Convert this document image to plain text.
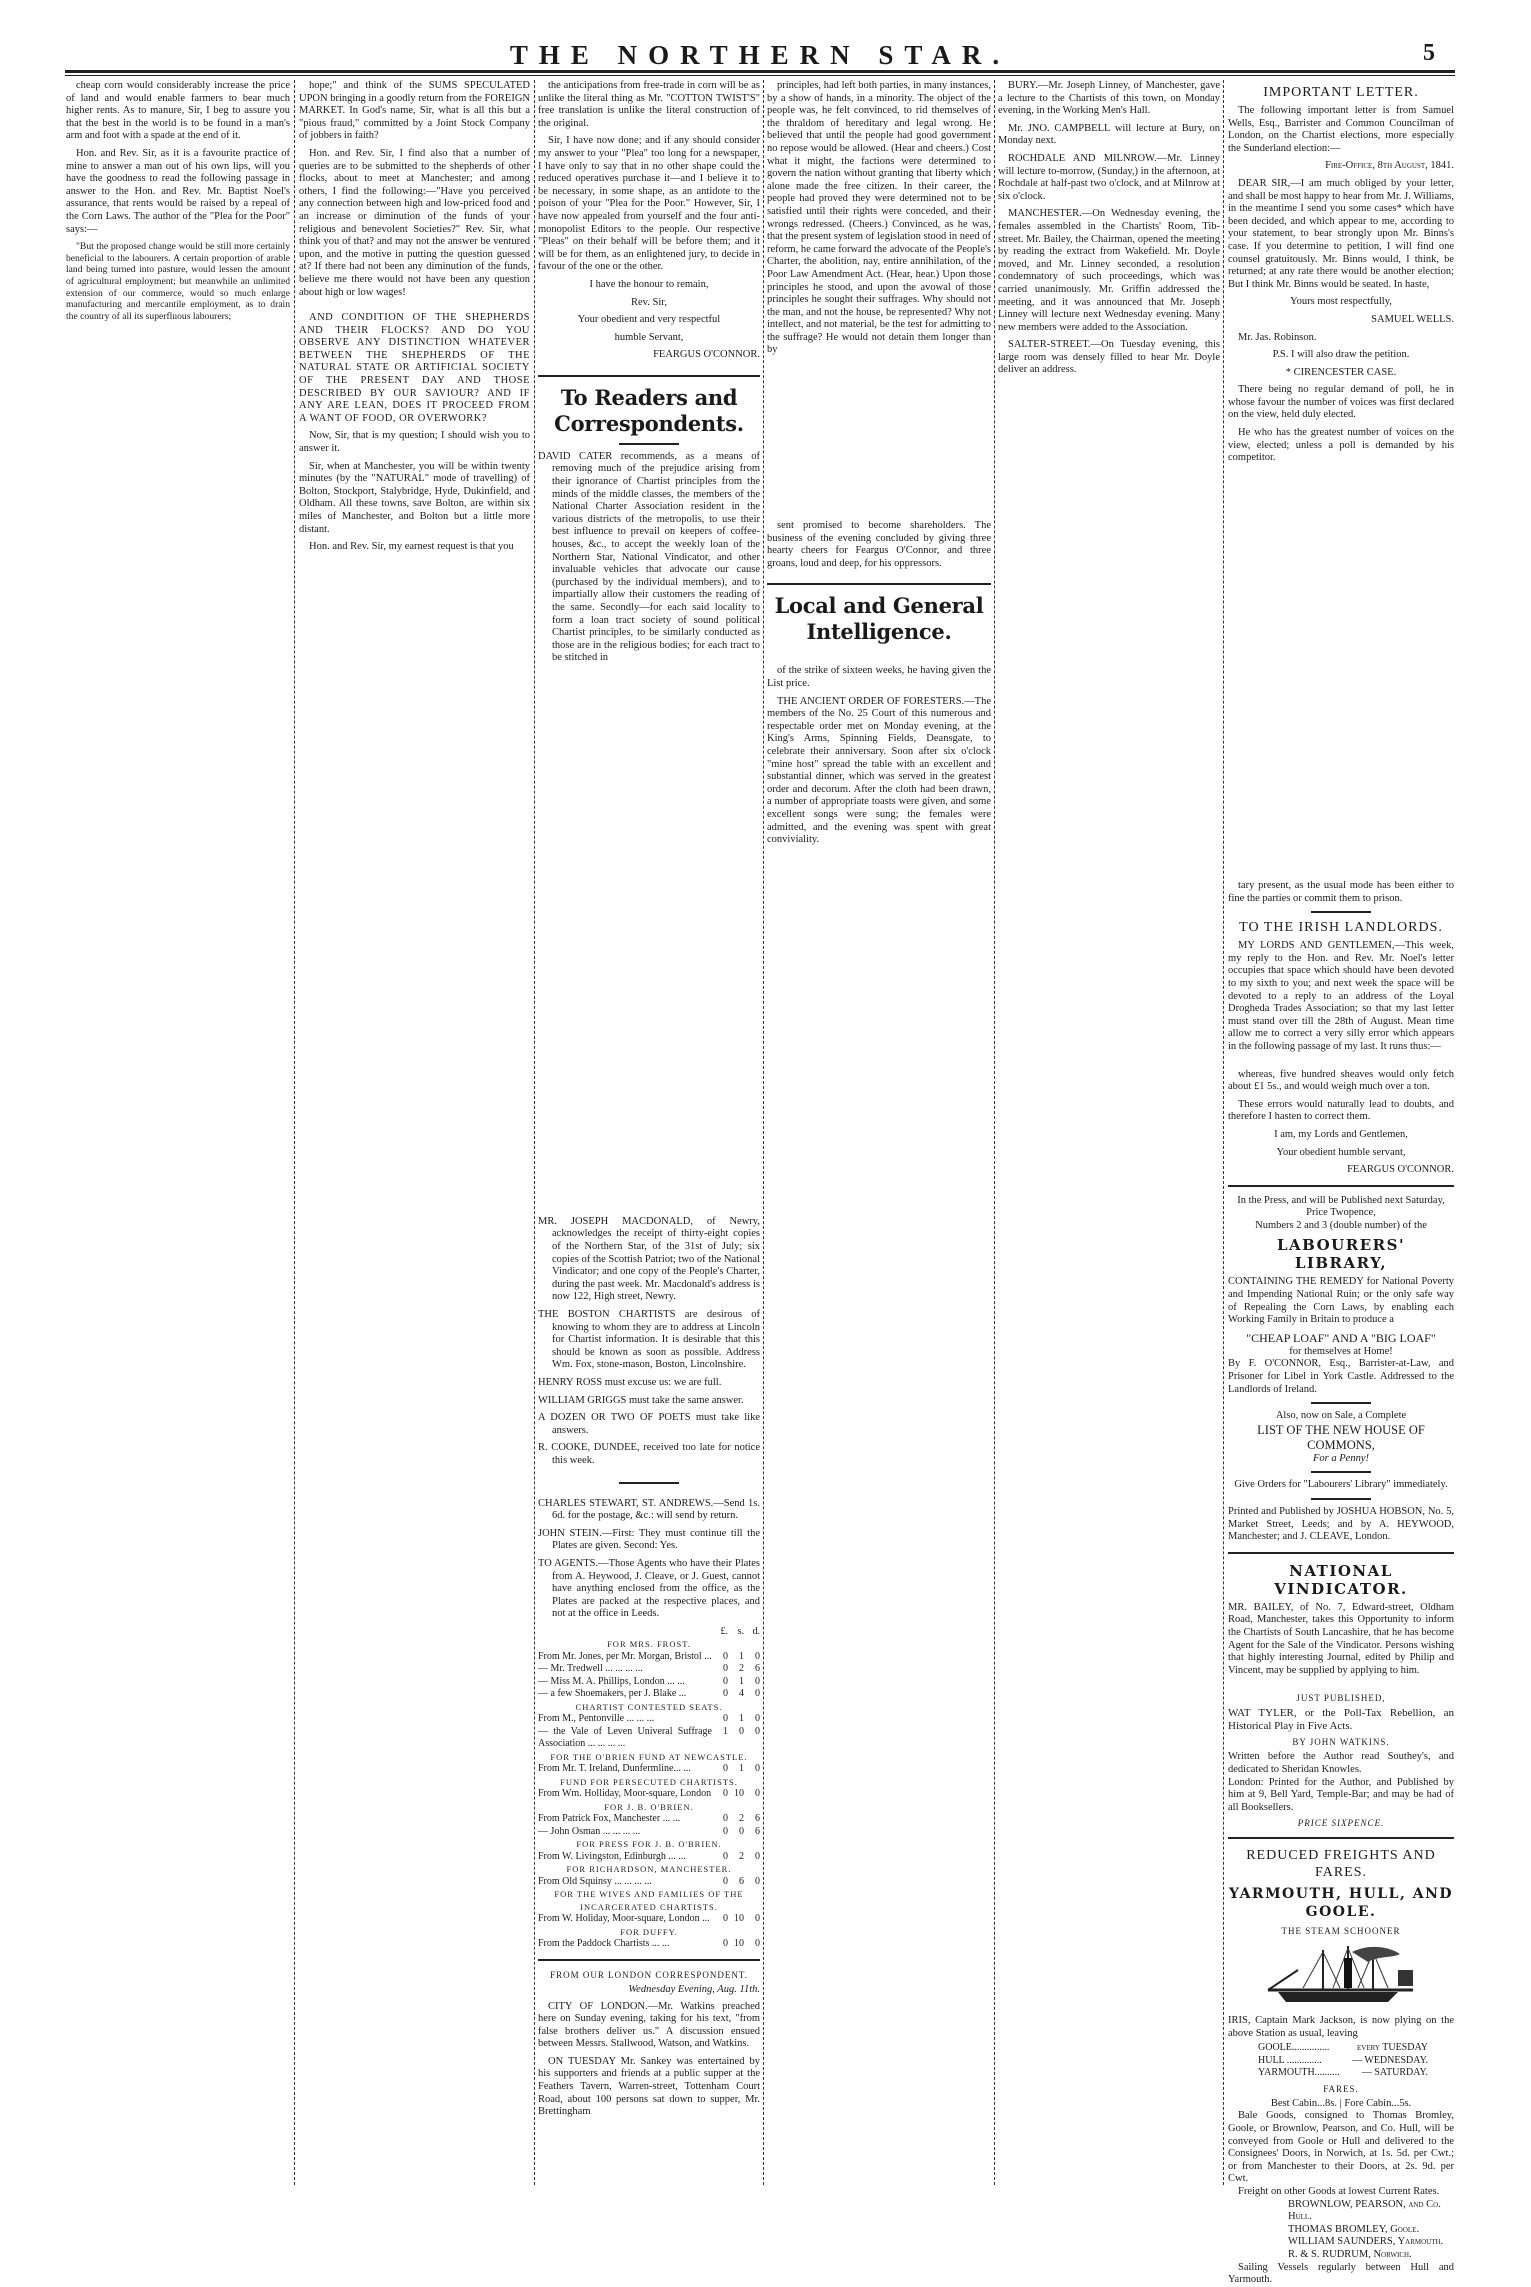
THE NORTHERN STAR.	5

cheap corn would considerably increase the price of land and would enable farmers to bear much higher rents. As to manure, Sir, I beg to assure you that the best in the world is to be found in a man's arm and foot with a spade at the end of it.

Hon. and Rev. Sir, as it is a favourite practice of mine to answer a man out of his own lips, will you have the goodness to read the following passage in answer to the Hon. and Rev. Mr. Baptist Noel's assurance, that rents would be raised by a repeal of the Corn Laws. The author of the "Plea for the Poor" says:—

"But the proposed change would be still more certainly beneficial to the labourers. A certain proportion of arable land being turned into pasture, would lessen the amount of agricultural employment; but meanwhile an unlimited extension of our commerce, would so much enlarge manufacturing and mercantile employment, as to drain the country of all its superfluous labourers;

hope;" and think of the SUMS SPECULATED UPON bringing in a goodly return from the FOREIGN MARKET. In God's name, Sir, what is all this but a "pious fraud," committed by a Joint Stock Company of jobbers in faith?

Hon. and Rev. Sir, I find also that a number of queries are to be submitted to the shepherds of other flocks, about to meet at Manchester; and among others, I find the following:—"Have you perceived any connection between high and low-priced food and an increase or diminution of the funds of your religious and benevolent Societies?" Rev. Sir, what think you of that? and may not the answer be ventured upon, and the motive in putting the question guessed at? If there had not been any diminution of the funds, believe me there would not have been any question about high or low wages!

AND CONDITION OF THE SHEPHERDS AND THEIR FLOCKS? AND DO YOU OBSERVE ANY DISTINCTION WHATEVER BETWEEN THE SHEPHERDS OF THE NATURAL STATE OR ARTIFICIAL SOCIETY OF THE PRESENT DAY AND THOSE DESCRIBED BY OUR SAVIOUR? AND IF ANY ARE LEAN, DOES IT PROCEED FROM A WANT OF FOOD, OR OVERWORK?

Now, Sir, that is my question; I should wish you to answer it.

Sir, when at Manchester, you will be within twenty minutes (by the "NATURAL" mode of travelling) of Bolton, Stockport, Stalybridge, Hyde, Dukinfield, and Oldham. All these towns, save Bolton, are within six miles of Manchester, and Bolton but a little more distant.

Hon. and Rev. Sir, my earnest request is that you

the anticipations from free-trade in corn will be as unlike the literal thing as Mr. "COTTON TWIST'S" free translation is unlike the literal construction of the original.

Sir, I have now done; and if any should consider my answer to your "Plea" too long for a newspaper, I have only to say that in no other shape could the reduced operatives purchase it—and I believe it to be necessary, in some shape, as an antidote to the poison of your "Plea for the Poor." However, Sir, I have now appealed from yourself and the four anti-monopolist Editors to the people. Our respective "Pleas" on their behalf will be before them; and it will be for them, as an enlightened jury, to decide in favour of the one or the other.

I have the honour to remain,

Rev. Sir,

Your obedient and very respectful

humble Servant,

FEARGUS O'CONNOR.

To Readers and Correspondents.

DAVID CATER recommends, as a means of removing much of the prejudice arising from their ignorance of Chartist principles from the minds of the middle classes, the members of the National Charter Association resident in the various districts of the metropolis, to use their best influence to prevail on keepers of coffee-houses, &c., to accept the weekly loan of the Northern Star, National Vindicator, and other invaluable vehicles that advocate our cause (purchased by the individual members), and to impartially allow their customers the reading of the same. Secondly—for each said locality to form a loan tract society of sound political Chartist principles, to be similarly conducted as those are in the religious bodies; for each tract to be stitched in

MR. JOSEPH MACDONALD, of Newry, acknowledges the receipt of thirty-eight copies of the Northern Star, of the 31st of July; six copies of the Scottish Patriot; two of the National Vindicator; and one copy of the People's Charter, during the past week. Mr. Macdonald's address is now 122, High street, Newry.

THE BOSTON CHARTISTS are desirous of knowing to whom they are to address at Lincoln for Chartist information. It is desirable that this should be known as soon as possible. Address Wm. Fox, stone-mason, Boston, Lincolnshire.

HENRY ROSS must excuse us: we are full.

WILLIAM GRIGGS must take the same answer.

A DOZEN OR TWO OF POETS must take like answers.

R. COOKE, DUNDEE, received too late for notice this week.

CHARLES STEWART, ST. ANDREWS.—Send 1s. 6d. for the postage, &c.: will send by return.

JOHN STEIN.—First: They must continue till the Plates are given. Second: Yes.

TO AGENTS.—Those Agents who have their Plates from A. Heywood, J. Cleave, or J. Guest, cannot have anything enclosed from the office, as the Plates are packed at the respective places, and not at the office in Leeds.

	£.	s.	d.
FOR MRS. FROST.			
From Mr. Jones, per Mr. Morgan, Bristol ...	0	1	0
— Mr. Tredwell ... ... ... ...	0	2	6
— Miss M. A. Phillips, London ... ...	0	1	0
— a few Shoemakers, per J. Blake ...	0	4	0
CHARTIST CONTESTED SEATS.			
From M., Pentonville ... ... ...	0	1	0
— the Vale of Leven Univeral Suffrage Association ... ... ... ...	1	0	0
FOR THE O'BRIEN FUND AT NEWCASTLE.			
From Mr. T. Ireland, Dunfermline... ...	0	1	0
FUND FOR PERSECUTED CHARTISTS.			
From Wm. Holliday, Moor-square, London	0	10	0
FOR J. B. O'BRIEN.			
From Patrick Fox, Manchester ... ...	0	2	6
— John Osman ... ... ... ...	0	0	6
FOR PRESS FOR J. B. O'BRIEN.			
From W. Livingston, Edinburgh ... ...	0	2	0
FOR RICHARDSON, MANCHESTER.			
From Old Squinsy ... ... ... ...	0	6	0
FOR THE WIVES AND FAMILIES OF THE INCARCERATED CHARTISTS.			
From W. Holiday, Moor-square, London ...	0	10	0
FOR DUFFY.			
From the Paddock Chartists ... ...	0	10	0
FROM OUR LONDON CORRESPONDENT.

Wednesday Evening, Aug. 11th.

CITY OF LONDON.—Mr. Watkins preached here on Sunday evening, taking for his text, "from false brothers deliver us." A discussion ensued between Messrs. Stallwood, Watson, and Watkins.

ON TUESDAY Mr. Sankey was entertained by his supporters and friends at a public supper at the Feathers Tavern, Warren-street, Tottenham Court Road, about 100 persons sat down to supper, Mr. Brettingham

principles, had left both parties, in many instances, by a show of hands, in a minority. The object of the people was, he felt convinced, to rid themselves of the thraldom of hereditary and legal wrong. He believed that until the people had good government no repose would be allowed. (Hear and cheers.) Cost what it might, the factions were determined to govern the nation without granting that liberty which alone made the free citizen. In their career, the people had proved they were determined not to be satisfied until their rights were conceded, and their wrongs redressed. (Cheers.) Convinced, as he was, that the present system of legislation stood in need of reform, he came forward the advocate of the People's Charter, the abolition, nay, entire annihilation, of the Poor Law Amendment Act. (Hear, hear.) Upon those principles he stood, and upon the avowal of those principles he sought their suffrages. Why should not the man, and not the house, be represented? Why not intellect, and not material, be the test for admitting to the suffrage? He would not detain them longer than by

sent promised to become shareholders. The business of the evening concluded by giving three hearty cheers for Feargus O'Connor, and three groans, loud and deep, for his oppressors.

Local and General Intelligence.

of the strike of sixteen weeks, he having given the List price.

THE ANCIENT ORDER OF FORESTERS.—The members of the No. 25 Court of this numerous and respectable order met on Monday evening, at the King's Arms, Spinning Fields, Deansgate, to celebrate their anniversary. Soon after six o'clock "mine host" spread the table with an excellent and substantial dinner, which was served in the greatest order and decorum. After the cloth had been drawn, a number of appropriate toasts were given, and some excellent songs were sung; the females were admitted, and the evening was spent with great conviviality.

BURY.—Mr. Joseph Linney, of Manchester, gave a lecture to the Chartists of this town, on Monday evening, in the Working Men's Hall.

Mr. JNO. CAMPBELL will lecture at Bury, on Monday next.

ROCHDALE AND MILNROW.—Mr. Linney will lecture to-morrow, (Sunday,) in the afternoon, at Rochdale at half-past two o'clock, and at Milnrow at six o'clock.

MANCHESTER.—On Wednesday evening, the females assembled in the Chartists' Room, Tib-street. Mr. Bailey, the Chairman, opened the meeting by reading the extract from Wakefield. Mr. Doyle moved, and Mr. Linney seconded, a resolution condemnatory of such proceedings, which was carried unanimously. Mr. Griffin addressed the meeting, and it was announced that Mr. Joseph Linney will lecture next Wednesday evening. Many new members were added to the Association.

SALTER-STREET.—On Tuesday evening, this large room was densely filled to hear Mr. Doyle deliver an address.

IMPORTANT LETTER.

The following important letter is from Samuel Wells, Esq., Barrister and Common Councilman of London, on the Chartist elections, more especially the Sunderland election:—

Fire-Office, 8th August, 1841.

DEAR SIR,—I am much obliged by your letter, and shall be most happy to hear from Mr. J. Williams, in the meantime I send you some cases* which have been decided, and which appear to me, according to your statement, to bear strongly upon Mr. Binns's case. If you determine to petition, I will find one counsel gratuitously. Mr. Binns would, I think, be returned; at any rate there would be another election; But I think Mr. Binns would be seated. In haste,

Yours most respectfully,

SAMUEL WELLS.

Mr. Jas. Robinson.

P.S. I will also draw the petition.

* CIRENCESTER CASE.

There being no regular demand of poll, he in whose favour the number of voices was first declared on the view, held duly elected.

He who has the greatest number of voices on the view, elected; unless a poll is demanded by his competitor.

tary present, as the usual mode has been either to fine the parties or commit them to prison.

TO THE IRISH LANDLORDS.

MY LORDS AND GENTLEMEN,—This week, my reply to the Hon. and Rev. Mr. Noel's letter occupies that space which should have been devoted to my sixth to you; and next week the space will be devoted to a reply to an address of the Loyal Drogheda Trades Association; so that my last letter must stand over till the 28th of August. Mean time allow me to correct a very silly error which appears in the following passage of my last. It runs thus:—

whereas, five hundred sheaves would only fetch about £1 5s., and would weigh much over a ton.

These errors would naturally lead to doubts, and therefore I hasten to correct them.

I am, my Lords and Gentlemen,

Your obedient humble servant,

FEARGUS O'CONNOR.

In the Press, and will be Published next Saturday, Price Twopence,
Numbers 2 and 3 (double number) of the
LABOURERS' LIBRARY,
CONTAINING THE REMEDY for National Poverty and Impending National Ruin; or the only safe way of Repealing the Corn Laws, by enabling each Working Family in Britain to produce a
"CHEAP LOAF" AND A "BIG LOAF"
for themselves at Home!
By F. O'CONNOR, Esq., Barrister-at-Law, and Prisoner for Libel in York Castle. Addressed to the Landlords of Ireland.
Also, now on Sale, a Complete
LIST OF THE NEW HOUSE OF COMMONS,
For a Penny!
Give Orders for "Labourers' Library" immediately.
Printed and Published by JOSHUA HOBSON, No. 5, Market Street, Leeds; and by A. HEYWOOD, Manchester; and J. CLEAVE, London.
NATIONAL VINDICATOR.
MR. BAILEY, of No. 7, Edward-street, Oldham Road, Manchester, takes this Opportunity to inform the Chartists of South Lancashire, that he has become Agent for the Sale of the Vindicator. Persons wishing that highly interesting Journal, edited by Philip and Vincent, may be supplied by applying to him.
JUST PUBLISHED,
WAT TYLER, or the Poll-Tax Rebellion, an Historical Play in Five Acts.
BY JOHN WATKINS.
Written before the Author read Southey's, and dedicated to Sheridan Knowles.
London: Printed for the Author, and Published by him at 9, Bell Yard, Temple-Bar; and may be had of all Booksellers.
PRICE SIXPENCE.
REDUCED FREIGHTS AND FARES.
YARMOUTH, HULL, AND GOOLE.
THE STEAM SCHOONER
IRIS, Captain Mark Jackson, is now plying on the above Station as usual, leaving
GOOLE...............	every TUESDAY
HULL ..............	— WEDNESDAY.
YARMOUTH.......... — SATURDAY.
FARES.
Best Cabin...8s. | Fore Cabin...5s.
Bale Goods, consigned to Thomas Bromley, Goole, or Brownlow, Pearson, and Co. Hull, will be conveyed from Goole or Hull and delivered to the Consignees' Doors, in Norwich, at 1s. 5d. per Cwt.; or from Manchester to their Doors, at 2s. 9d. per Cwt.
Freight on other Goods at lowest Current Rates.
BROWNLOW, PEARSON, and Co. Hull.
THOMAS BROMLEY, Goole.
WILLIAM SAUNDERS, Yarmouth.
R. & S. RUDRUM, Norwich.
Sailing Vessels regularly between Hull and Yarmouth.
